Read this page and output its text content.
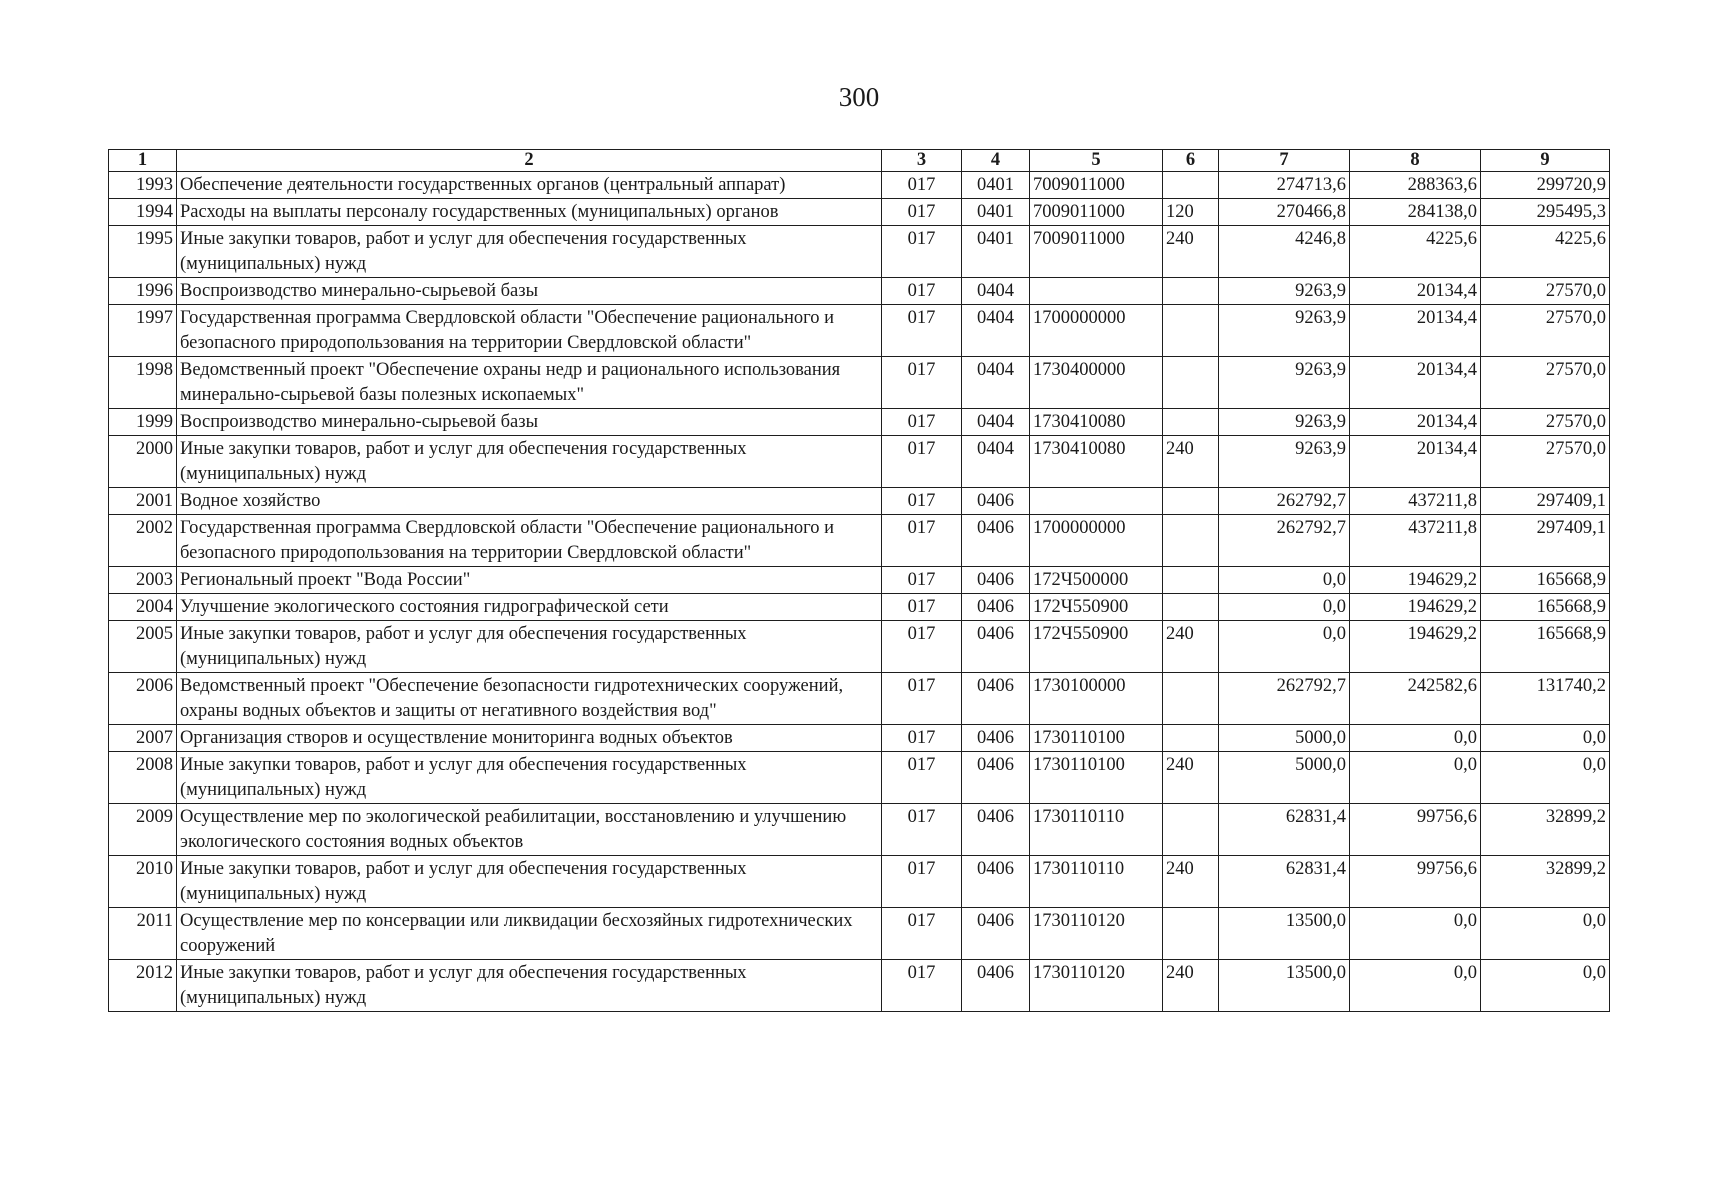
300
1	2	3	4	5	6	7	8	9
1993	Обеспечение деятельности государственных органов (центральный аппарат)	017	0401	7009011000		274713,6	288363,6	299720,9
1994	Расходы на выплаты персоналу государственных (муниципальных) органов	017	0401	7009011000	120	270466,8	284138,0	295495,3
1995	Иные закупки товаров, работ и услуг для обеспечения государственных (муниципальных) нужд	017	0401	7009011000	240	4246,8	4225,6	4225,6
1996	Воспроизводство минерально-сырьевой базы	017	0404			9263,9	20134,4	27570,0
1997	Государственная программа Свердловской области "Обеспечение рационального и безопасного природопользования на территории Свердловской области"	017	0404	1700000000		9263,9	20134,4	27570,0
1998	Ведомственный проект "Обеспечение охраны недр и рационального использования минерально-сырьевой базы полезных ископаемых"	017	0404	1730400000		9263,9	20134,4	27570,0
1999	Воспроизводство минерально-сырьевой базы	017	0404	1730410080		9263,9	20134,4	27570,0
2000	Иные закупки товаров, работ и услуг для обеспечения государственных (муниципальных) нужд	017	0404	1730410080	240	9263,9	20134,4	27570,0
2001	Водное хозяйство	017	0406			262792,7	437211,8	297409,1
2002	Государственная программа Свердловской области "Обеспечение рационального и безопасного природопользования на территории Свердловской области"	017	0406	1700000000		262792,7	437211,8	297409,1
2003	Региональный проект "Вода России"	017	0406	172Ч500000		0,0	194629,2	165668,9
2004	Улучшение экологического состояния гидрографической сети	017	0406	172Ч550900		0,0	194629,2	165668,9
2005	Иные закупки товаров, работ и услуг для обеспечения государственных (муниципальных) нужд	017	0406	172Ч550900	240	0,0	194629,2	165668,9
2006	Ведомственный проект "Обеспечение безопасности гидротехнических сооружений, охраны водных объектов и защиты от негативного воздействия вод"	017	0406	1730100000		262792,7	242582,6	131740,2
2007	Организация створов и осуществление мониторинга водных объектов	017	0406	1730110100		5000,0	0,0	0,0
2008	Иные закупки товаров, работ и услуг для обеспечения государственных (муниципальных) нужд	017	0406	1730110100	240	5000,0	0,0	0,0
2009	Осуществление мер по экологической реабилитации, восстановлению и улучшению экологического состояния водных объектов	017	0406	1730110110		62831,4	99756,6	32899,2
2010	Иные закупки товаров, работ и услуг для обеспечения государственных (муниципальных) нужд	017	0406	1730110110	240	62831,4	99756,6	32899,2
2011	Осуществление мер по консервации или ликвидации бесхозяйных гидротехнических сооружений	017	0406	1730110120		13500,0	0,0	0,0
2012	Иные закупки товаров, работ и услуг для обеспечения государственных (муниципальных) нужд	017	0406	1730110120	240	13500,0	0,0	0,0
